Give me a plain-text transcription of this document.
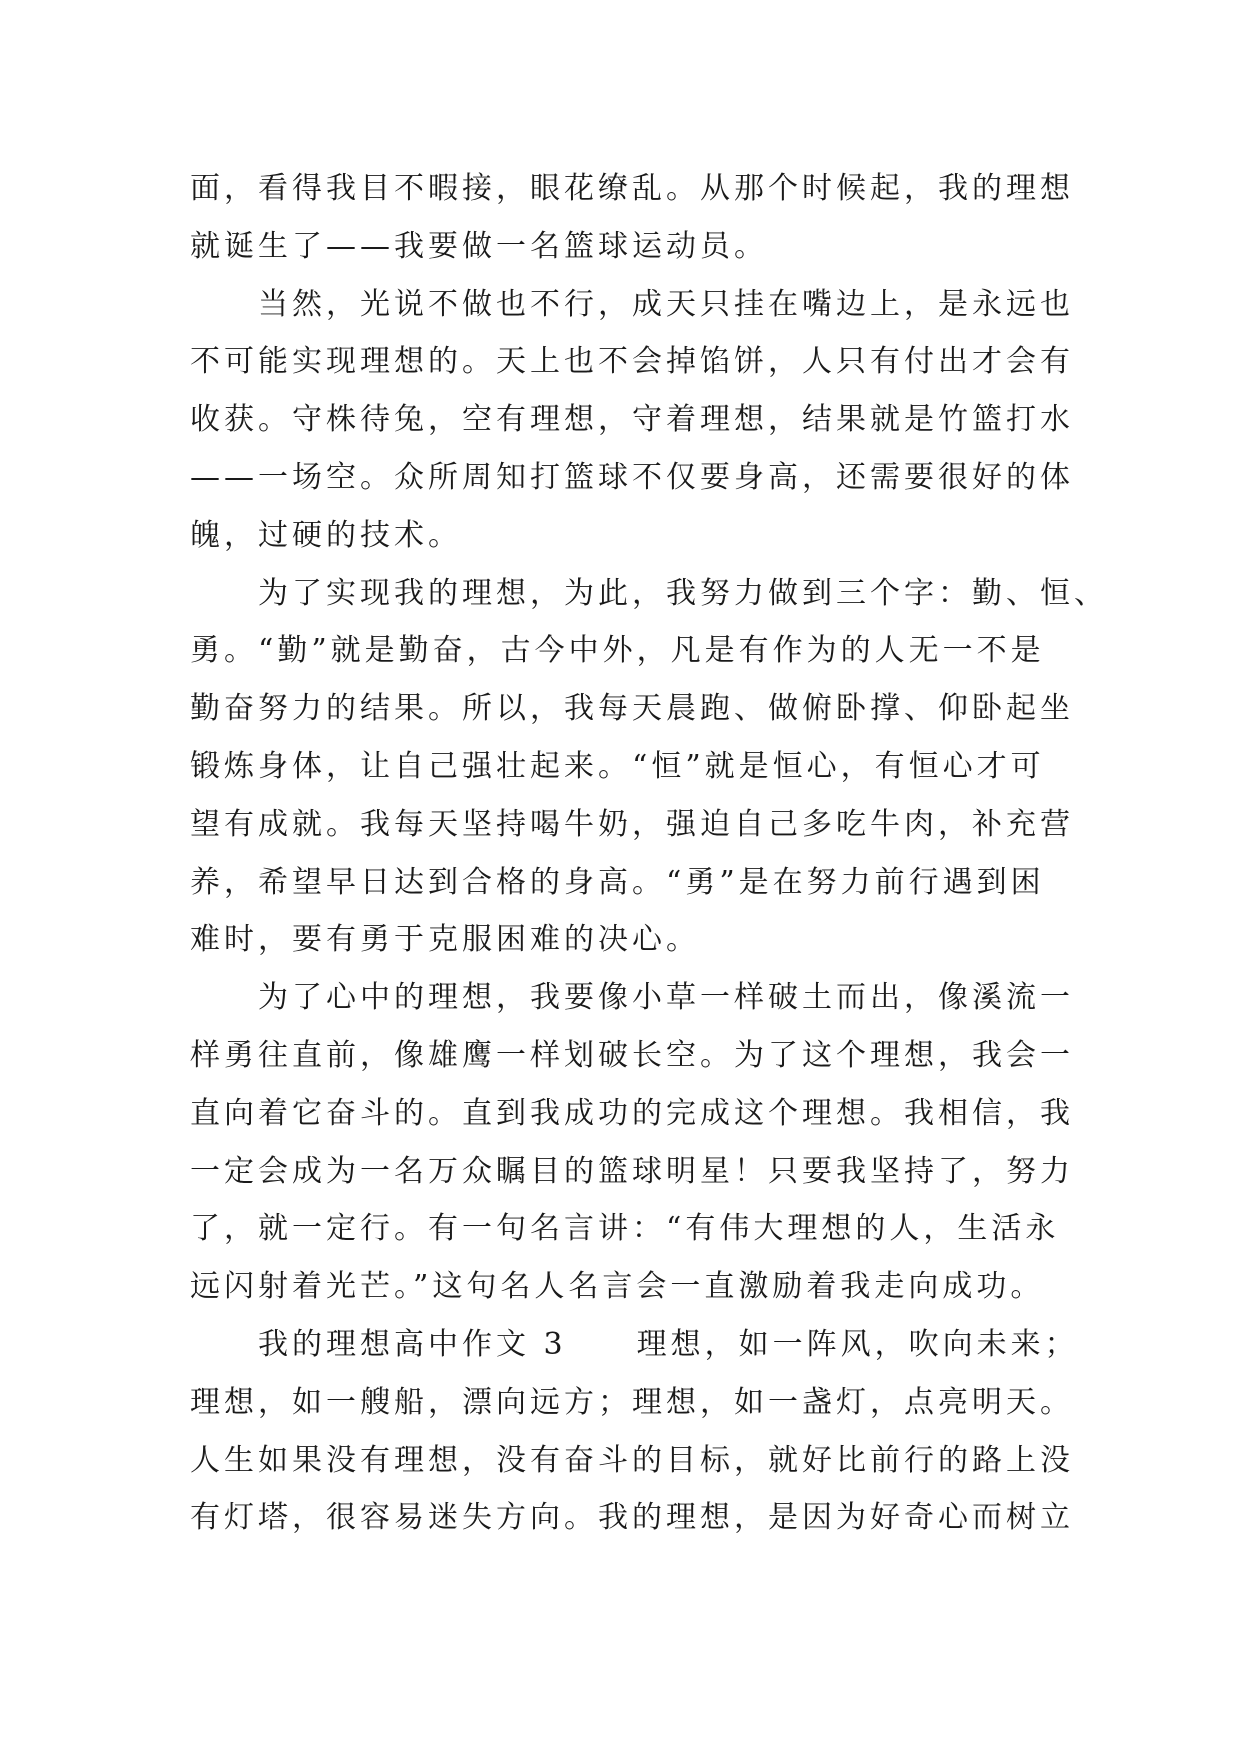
面，看得我目不暇接，眼花缭乱。从那个时候起，我的理想
就诞生了——我要做一名篮球运动员。
当然，光说不做也不行，成天只挂在嘴边上，是永远也
不可能实现理想的。天上也不会掉馅饼，人只有付出才会有
收获。守株待兔，空有理想，守着理想，结果就是竹篮打水
——一场空。众所周知打篮球不仅要身高，还需要很好的体
魄，过硬的技术。
为了实现我的理想，为此，我努力做到三个字：勤、恒、
勇。“勤”就是勤奋，古今中外，凡是有作为的人无一不是
勤奋努力的结果。所以，我每天晨跑、做俯卧撑、仰卧起坐
锻炼身体，让自己强壮起来。“恒”就是恒心，有恒心才可
望有成就。我每天坚持喝牛奶，强迫自己多吃牛肉，补充营
养，希望早日达到合格的身高。“勇”是在努力前行遇到困
难时，要有勇于克服困难的决心。
为了心中的理想，我要像小草一样破土而出，像溪流一
样勇往直前，像雄鹰一样划破长空。为了这个理想，我会一
直向着它奋斗的。直到我成功的完成这个理想。我相信，我
一定会成为一名万众瞩目的篮球明星！只要我坚持了，努力
了，就一定行。有一句名言讲：“有伟大理想的人，生活永
远闪射着光芒。”这句名人名言会一直激励着我走向成功。
我的理想高中作文 3 理想，如一阵风，吹向未来；
理想，如一艘船，漂向远方；理想，如一盏灯，点亮明天。
人生如果没有理想，没有奋斗的目标，就好比前行的路上没
有灯塔，很容易迷失方向。我的理想，是因为好奇心而树立
